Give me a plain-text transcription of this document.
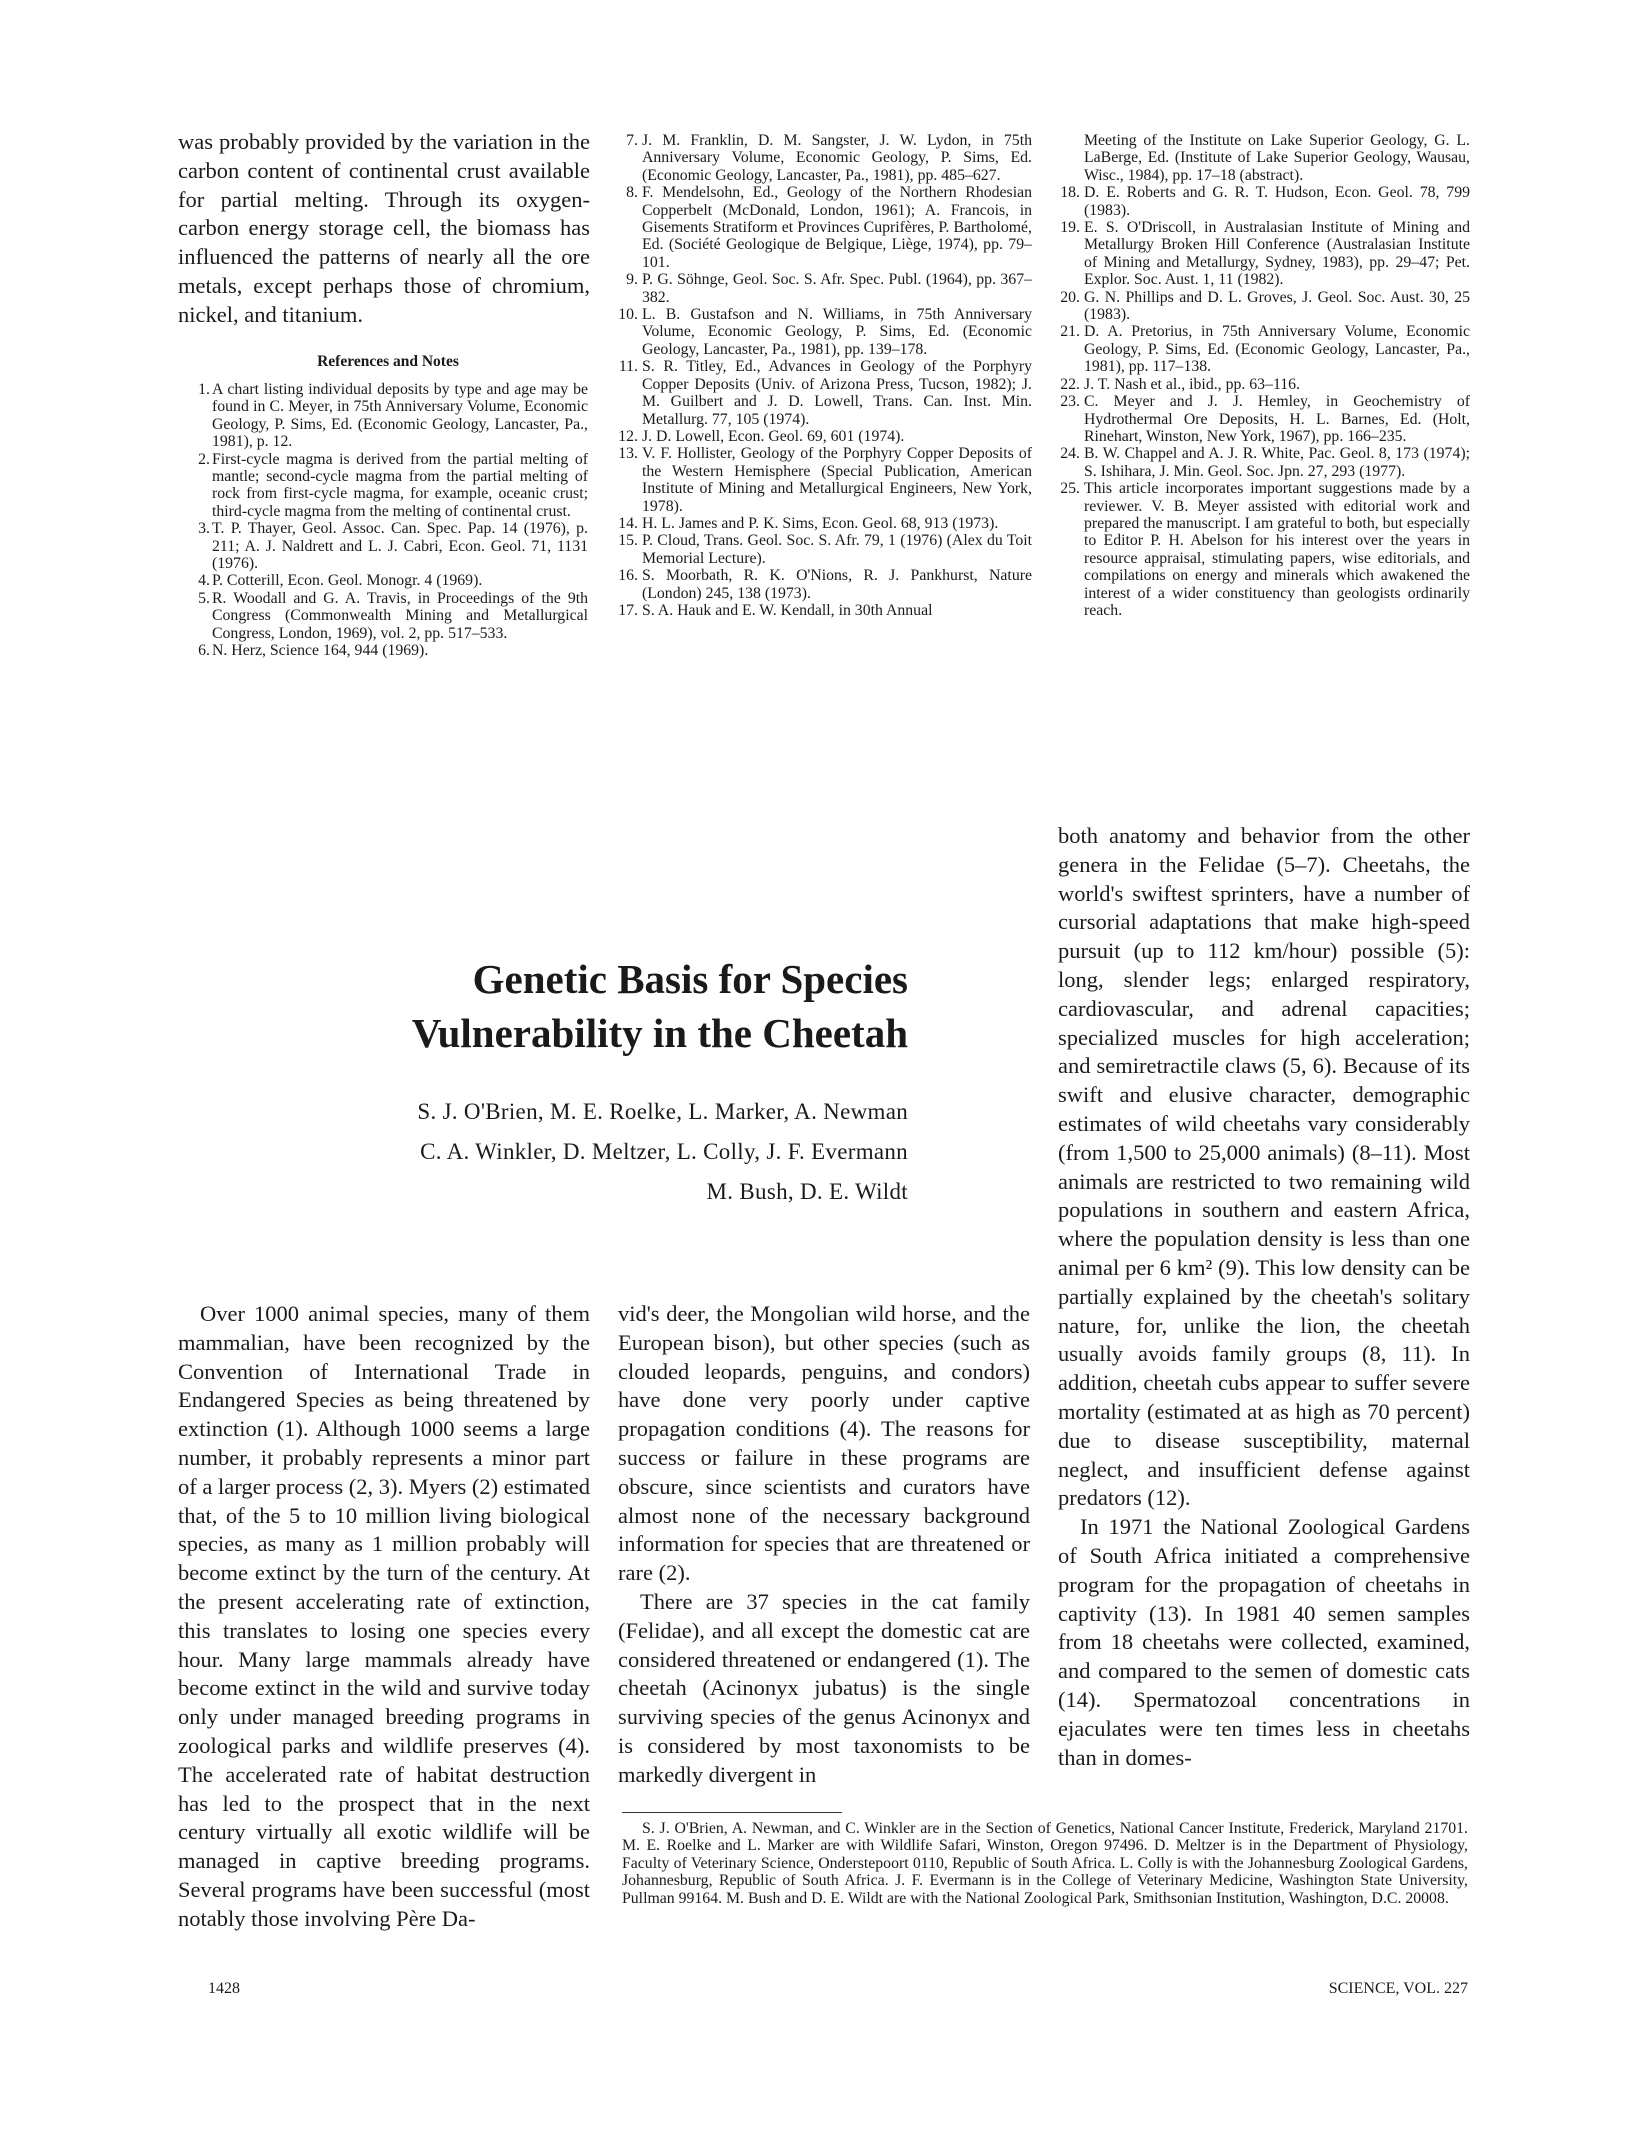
was probably provided by the variation in the carbon content of continental crust available for partial melting. Through its oxygen-carbon energy storage cell, the biomass has influenced the patterns of nearly all the ore metals, except perhaps those of chromium, nickel, and titanium.

References and Notes

1. A chart listing individual deposits by type and age may be found in C. Meyer, in 75th Anniversary Volume, Economic Geology, P. Sims, Ed. (Economic Geology, Lancaster, Pa., 1981), p. 12.
2. First-cycle magma is derived from the partial melting of mantle; second-cycle magma from the partial melting of rock from first-cycle magma, for example, oceanic crust; third-cycle magma from the melting of continental crust.
3. T. P. Thayer, Geol. Assoc. Can. Spec. Pap. 14 (1976), p. 211; A. J. Naldrett and L. J. Cabri, Econ. Geol. 71, 1131 (1976).
4. P. Cotterill, Econ. Geol. Monogr. 4 (1969).
5. R. Woodall and G. A. Travis, in Proceedings of the 9th Congress (Commonwealth Mining and Metallurgical Congress, London, 1969), vol. 2, pp. 517–533.
6. N. Herz, Science 164, 944 (1969).
7. J. M. Franklin, D. M. Sangster, J. W. Lydon, in 75th Anniversary Volume, Economic Geology, P. Sims, Ed. (Economic Geology, Lancaster, Pa., 1981), pp. 485–627.
8. F. Mendelsohn, Ed., Geology of the Northern Rhodesian Copperbelt (McDonald, London, 1961); A. Francois, in Gisements Stratiform et Provinces Cuprifères, P. Bartholomé, Ed. (Société Geologique de Belgique, Liège, 1974), pp. 79–101.
9. P. G. Söhnge, Geol. Soc. S. Afr. Spec. Publ. (1964), pp. 367–382.
10. L. B. Gustafson and N. Williams, in 75th Anniversary Volume, Economic Geology, P. Sims, Ed. (Economic Geology, Lancaster, Pa., 1981), pp. 139–178.
11. S. R. Titley, Ed., Advances in Geology of the Porphyry Copper Deposits (Univ. of Arizona Press, Tucson, 1982); J. M. Guilbert and J. D. Lowell, Trans. Can. Inst. Min. Metallurg. 77, 105 (1974).
12. J. D. Lowell, Econ. Geol. 69, 601 (1974).
13. V. F. Hollister, Geology of the Porphyry Copper Deposits of the Western Hemisphere (Special Publication, American Institute of Mining and Metallurgical Engineers, New York, 1978).
14. H. L. James and P. K. Sims, Econ. Geol. 68, 913 (1973).
15. P. Cloud, Trans. Geol. Soc. S. Afr. 79, 1 (1976) (Alex du Toit Memorial Lecture).
16. S. Moorbath, R. K. O'Nions, R. J. Pankhurst, Nature (London) 245, 138 (1973).
17. S. A. Hauk and E. W. Kendall, in 30th Annual
Meeting of the Institute on Lake Superior Geology, G. L. LaBerge, Ed. (Institute of Lake Superior Geology, Wausau, Wisc., 1984), pp. 17–18 (abstract).
18. D. E. Roberts and G. R. T. Hudson, Econ. Geol. 78, 799 (1983).
19. E. S. O'Driscoll, in Australasian Institute of Mining and Metallurgy Broken Hill Conference (Australasian Institute of Mining and Metallurgy, Sydney, 1983), pp. 29–47; Pet. Explor. Soc. Aust. 1, 11 (1982).
20. G. N. Phillips and D. L. Groves, J. Geol. Soc. Aust. 30, 25 (1983).
21. D. A. Pretorius, in 75th Anniversary Volume, Economic Geology, P. Sims, Ed. (Economic Geology, Lancaster, Pa., 1981), pp. 117–138.
22. J. T. Nash et al., ibid., pp. 63–116.
23. C. Meyer and J. J. Hemley, in Geochemistry of Hydrothermal Ore Deposits, H. L. Barnes, Ed. (Holt, Rinehart, Winston, New York, 1967), pp. 166–235.
24. B. W. Chappel and A. J. R. White, Pac. Geol. 8, 173 (1974); S. Ishihara, J. Min. Geol. Soc. Jpn. 27, 293 (1977).
25. This article incorporates important suggestions made by a reviewer. V. B. Meyer assisted with editorial work and prepared the manuscript. I am grateful to both, but especially to Editor P. H. Abelson for his interest over the years in resource appraisal, stimulating papers, wise editorials, and compilations on energy and minerals which awakened the interest of a wider constituency than geologists ordinarily reach.

Genetic Basis for Species

Vulnerability in the Cheetah

S. J. O'Brien, M. E. Roelke, L. Marker, A. Newman

C. A. Winkler, D. Meltzer, L. Colly, J. F. Evermann

M. Bush, D. E. Wildt

Over 1000 animal species, many of them mammalian, have been recognized by the Convention of International Trade in Endangered Species as being threatened by extinction (1). Although 1000 seems a large number, it probably represents a minor part of a larger process (2, 3). Myers (2) estimated that, of the 5 to 10 million living biological species, as many as 1 million probably will become extinct by the turn of the century. At the present accelerating rate of extinction, this translates to losing one species every hour. Many large mammals already have become extinct in the wild and survive today only under managed breeding programs in zoological parks and wildlife preserves (4). The accelerated rate of habitat destruction has led to the prospect that in the next century virtually all exotic wildlife will be managed in captive breeding programs. Several programs have been successful (most notably those involving Père Da-

vid's deer, the Mongolian wild horse, and the European bison), but other species (such as clouded leopards, penguins, and condors) have done very poorly under captive propagation conditions (4). The reasons for success or failure in these programs are obscure, since scientists and curators have almost none of the necessary background information for species that are threatened or rare (2).

There are 37 species in the cat family (Felidae), and all except the domestic cat are considered threatened or endangered (1). The cheetah (Acinonyx jubatus) is the single surviving species of the genus Acinonyx and is considered by most taxonomists to be markedly divergent in

both anatomy and behavior from the other genera in the Felidae (5–7). Cheetahs, the world's swiftest sprinters, have a number of cursorial adaptations that make high-speed pursuit (up to 112 km/hour) possible (5): long, slender legs; enlarged respiratory, cardiovascular, and adrenal capacities; specialized muscles for high acceleration; and semiretractile claws (5, 6). Because of its swift and elusive character, demographic estimates of wild cheetahs vary considerably (from 1,500 to 25,000 animals) (8–11). Most animals are restricted to two remaining wild populations in southern and eastern Africa, where the population density is less than one animal per 6 km² (9). This low density can be partially explained by the cheetah's solitary nature, for, unlike the lion, the cheetah usually avoids family groups (8, 11). In addition, cheetah cubs appear to suffer severe mortality (estimated at as high as 70 percent) due to disease susceptibility, maternal neglect, and insufficient defense against predators (12).

In 1971 the National Zoological Gardens of South Africa initiated a comprehensive program for the propagation of cheetahs in captivity (13). In 1981 40 semen samples from 18 cheetahs were collected, examined, and compared to the semen of domestic cats (14). Spermatozoal concentrations in ejaculates were ten times less in cheetahs than in domes-

S. J. O'Brien, A. Newman, and C. Winkler are in the Section of Genetics, National Cancer Institute, Frederick, Maryland 21701. M. E. Roelke and L. Marker are with Wildlife Safari, Winston, Oregon 97496. D. Meltzer is in the Department of Physiology, Faculty of Veterinary Science, Onderstepoort 0110, Republic of South Africa. L. Colly is with the Johannesburg Zoological Gardens, Johannesburg, Republic of South Africa. J. F. Evermann is in the College of Veterinary Medicine, Washington State University, Pullman 99164. M. Bush and D. E. Wildt are with the National Zoological Park, Smithsonian Institution, Washington, D.C. 20008.

1428	SCIENCE, VOL. 227
